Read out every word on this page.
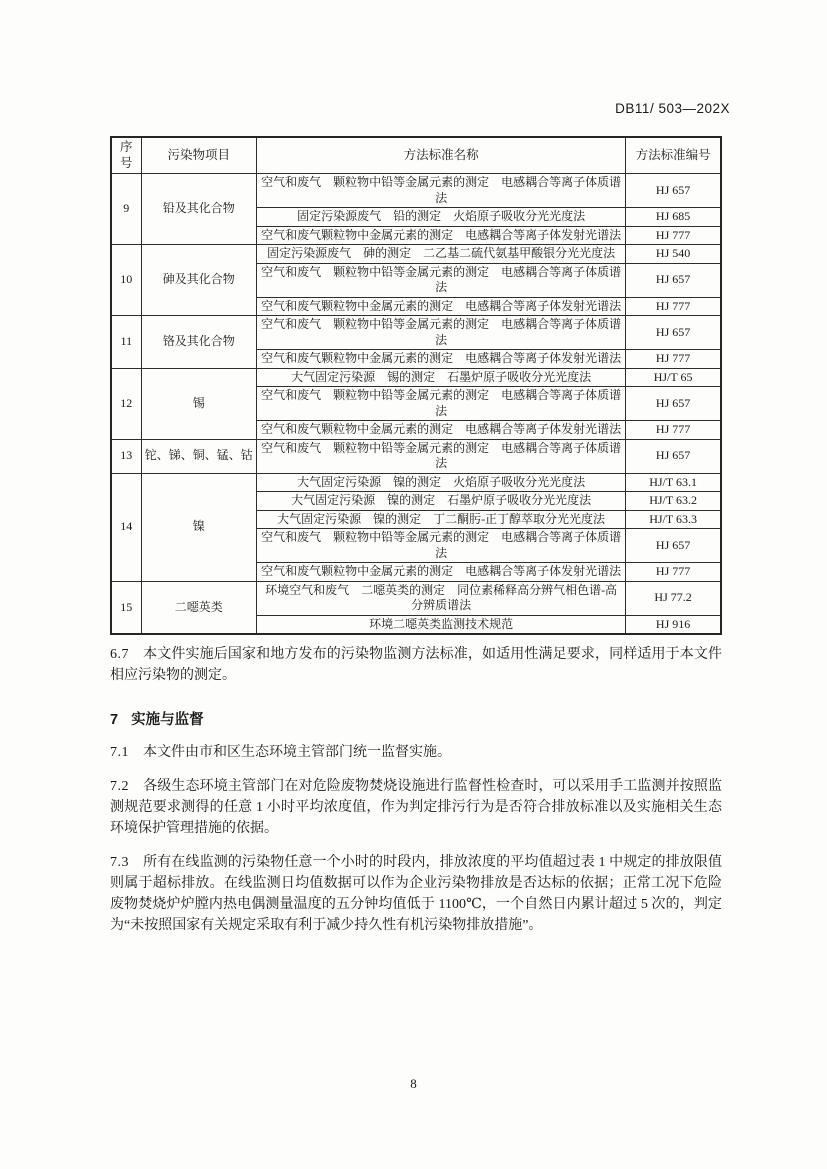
DB11/ 503—202X
序号	污染物项目	方法标准名称	方法标准编号
9	铅及其化合物	空气和废气　颗粒物中铅等金属元素的测定　电感耦合等离子体质谱法	HJ 657
		固定污染源废气　铅的测定　火焰原子吸收分光光度法	HJ 685
		空气和废气颗粒物中金属元素的测定　电感耦合等离子体发射光谱法	HJ 777
10	砷及其化合物	固定污染源废气　砷的测定　二乙基二硫代氨基甲酸银分光光度法	HJ 540
		空气和废气　颗粒物中铅等金属元素的测定　电感耦合等离子体质谱法	HJ 657
		空气和废气颗粒物中金属元素的测定　电感耦合等离子体发射光谱法	HJ 777
11	铬及其化合物	空气和废气　颗粒物中铅等金属元素的测定　电感耦合等离子体质谱法	HJ 657
		空气和废气颗粒物中金属元素的测定　电感耦合等离子体发射光谱法	HJ 777
12	锡	大气固定污染源　锡的测定　石墨炉原子吸收分光光度法	HJ/T 65
		空气和废气　颗粒物中铅等金属元素的测定　电感耦合等离子体质谱法	HJ 657
		空气和废气颗粒物中金属元素的测定　电感耦合等离子体发射光谱法	HJ 777
13	铊、锑、铜、锰、钴	空气和废气　颗粒物中铅等金属元素的测定　电感耦合等离子体质谱法	HJ 657
14	镍	大气固定污染源　镍的测定　火焰原子吸收分光光度法	HJ/T 63.1
		大气固定污染源　镍的测定　石墨炉原子吸收分光光度法	HJ/T 63.2
		大气固定污染源　镍的测定　丁二酮肟-正丁醇萃取分光光度法	HJ/T 63.3
		空气和废气　颗粒物中铅等金属元素的测定　电感耦合等离子体质谱法	HJ 657
		空气和废气颗粒物中金属元素的测定　电感耦合等离子体发射光谱法	HJ 777
15	二噁英类	环境空气和废气　二噁英类的测定　同位素稀释高分辨气相色谱-高分辨质谱法	HJ 77.2
		环境二噁英类监测技术规范	HJ 916

6.7 本文件实施后国家和地方发布的污染物监测方法标准，如适用性满足要求，同样适用于本文件相应污染物的测定。

7 实施与监督

7.1 本文件由市和区生态环境主管部门统一监督实施。

7.2 各级生态环境主管部门在对危险废物焚烧设施进行监督性检查时，可以采用手工监测并按照监测规范要求测得的任意 1 小时平均浓度值，作为判定排污行为是否符合排放标准以及实施相关生态环境保护管理措施的依据。

7.3 所有在线监测的污染物任意一个小时的时段内，排放浓度的平均值超过表 1 中规定的排放限值则属于超标排放。在线监测日均值数据可以作为企业污染物排放是否达标的依据；正常工况下危险废物焚烧炉炉膛内热电偶测量温度的五分钟均值低于 1100℃，一个自然日内累计超过 5 次的，判定为“未按照国家有关规定采取有利于减少持久性有机污染物排放措施”。

8
